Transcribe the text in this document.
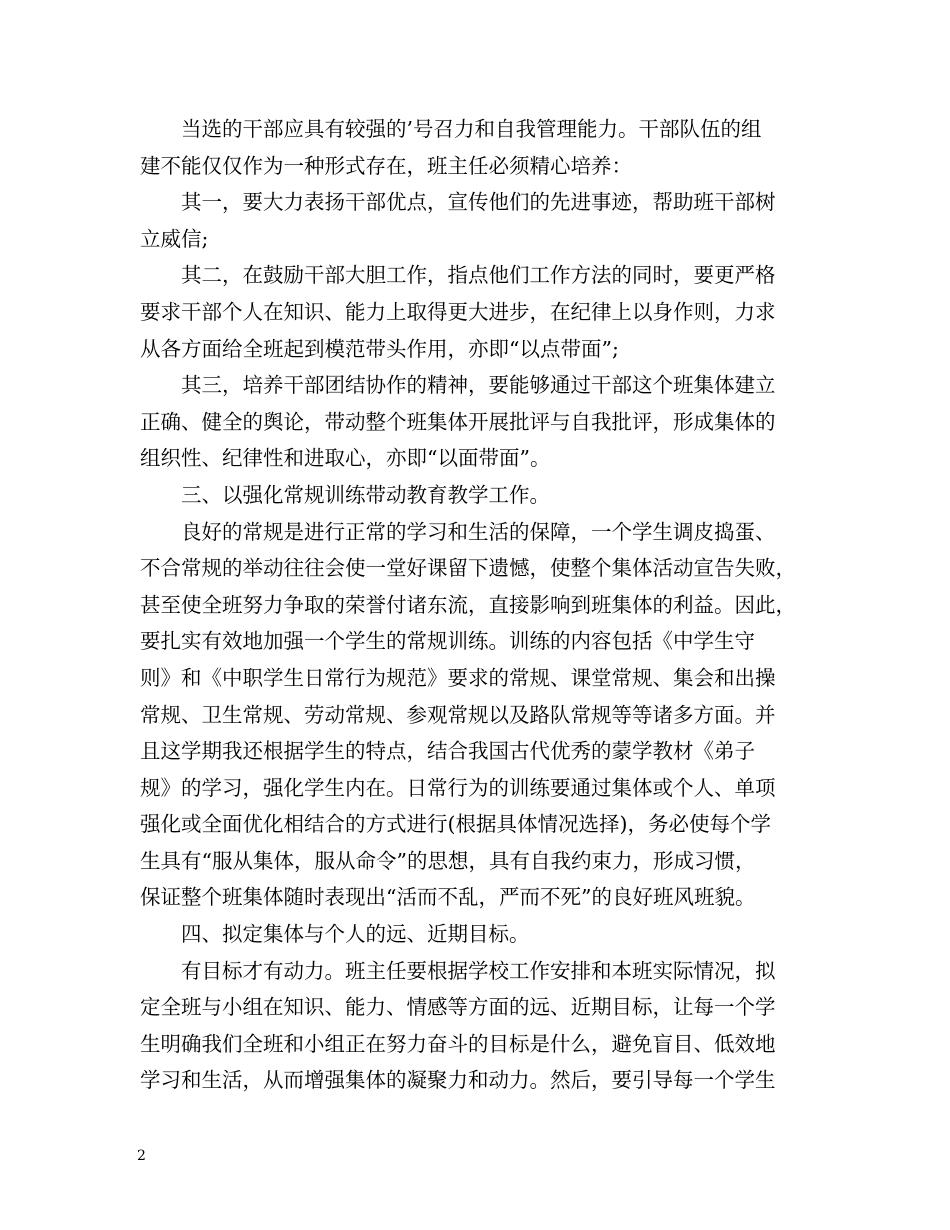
当选的干部应具有较强的’号召力和自我管理能力。干部队伍的组
建不能仅仅作为一种形式存在，班主任必须精心培养：
其一，要大力表扬干部优点，宣传他们的先进事迹，帮助班干部树
立威信;
其二，在鼓励干部大胆工作，指点他们工作方法的同时，要更严格
要求干部个人在知识、能力上取得更大进步，在纪律上以身作则，力求
从各方面给全班起到模范带头作用，亦即“以点带面”;
其三，培养干部团结协作的精神，要能够通过干部这个班集体建立
正确、健全的舆论，带动整个班集体开展批评与自我批评，形成集体的
组织性、纪律性和进取心，亦即“以面带面”。
三、以强化常规训练带动教育教学工作。
良好的常规是进行正常的学习和生活的保障，一个学生调皮捣蛋、
不合常规的举动往往会使一堂好课留下遗憾，使整个集体活动宣告失败，
甚至使全班努力争取的荣誉付诸东流，直接影响到班集体的利益。因此，
要扎实有效地加强一个学生的常规训练。训练的内容包括《中学生守
则》和《中职学生日常行为规范》要求的常规、课堂常规、集会和出操
常规、卫生常规、劳动常规、参观常规以及路队常规等等诸多方面。并
且这学期我还根据学生的特点，结合我国古代优秀的蒙学教材《弟子
规》的学习，强化学生内在。日常行为的训练要通过集体或个人、单项
强化或全面优化相结合的方式进行(根据具体情况选择)，务必使每个学
生具有“服从集体，服从命令”的思想，具有自我约束力，形成习惯，
保证整个班集体随时表现出“活而不乱，严而不死”的良好班风班貌。
四、拟定集体与个人的远、近期目标。
有目标才有动力。班主任要根据学校工作安排和本班实际情况，拟
定全班与小组在知识、能力、情感等方面的远、近期目标，让每一个学
生明确我们全班和小组正在努力奋斗的目标是什么，避免盲目、低效地
学习和生活，从而增强集体的凝聚力和动力。然后，要引导每一个学生
2
